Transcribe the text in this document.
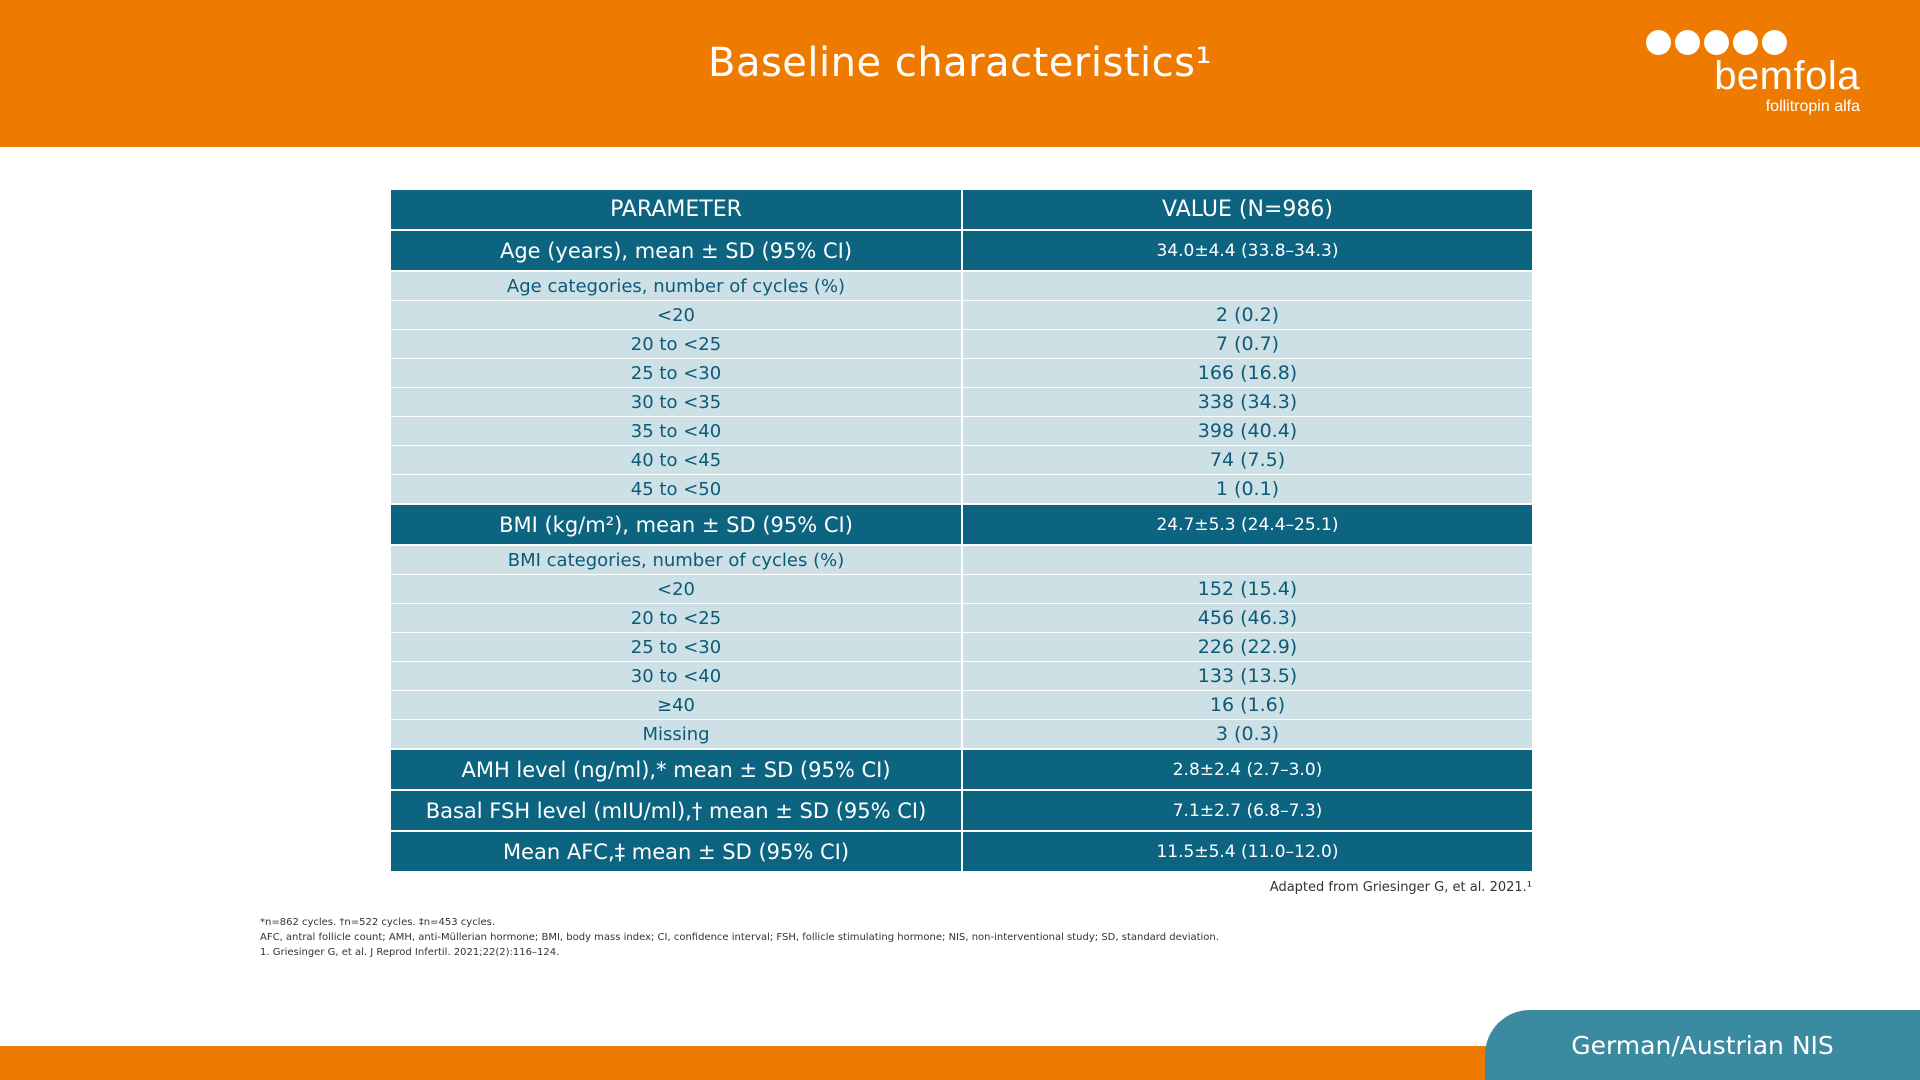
Baseline characteristics¹	bemfola
follitropin alfa
PARAMETER	VALUE (N=986)
Age (years), mean ± SD (95% CI)	34.0±4.4 (33.8–34.3)
Age categories, number of cycles (%)
<20	2 (0.2)
20 to <25	7 (0.7)
25 to <30	166 (16.8)
30 to <35	338 (34.3)
35 to <40	398 (40.4)
40 to <45	74 (7.5)
45 to <50	1 (0.1)
BMI (kg/m²), mean ± SD (95% CI)	24.7±5.3 (24.4–25.1)
BMI categories, number of cycles (%)
<20	152 (15.4)
20 to <25	456 (46.3)
25 to <30	226 (22.9)
30 to <40	133 (13.5)
≥40	16 (1.6)
Missing	3 (0.3)
AMH level (ng/ml),* mean ± SD (95% CI)	2.8±2.4 (2.7–3.0)
Basal FSH level (mIU/ml),† mean ± SD (95% CI)	7.1±2.7 (6.8–7.3)
Mean AFC,‡ mean ± SD (95% CI)	11.5±5.4 (11.0–12.0)
Adapted from Griesinger G, et al. 2021.¹
*n=862 cycles. †n=522 cycles. ‡n=453 cycles.
AFC, antral follicle count; AMH, anti-Müllerian hormone; BMI, body mass index; CI, confidence interval; FSH, follicle stimulating hormone; NIS, non-interventional study; SD, standard deviation.
1. Griesinger G, et al. J Reprod Infertil. 2021;22(2):116–124.
German/Austrian NIS
